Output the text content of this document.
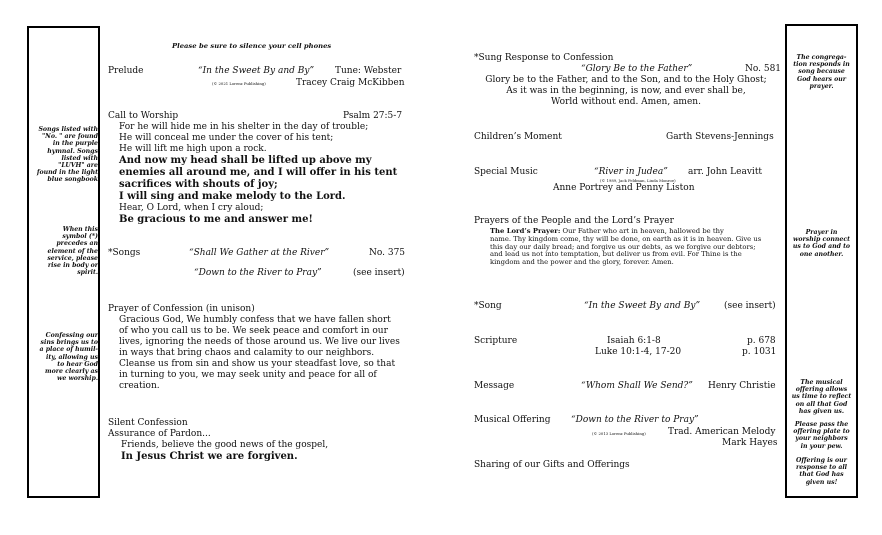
Songs listed with
"No. " are found
in the purple
hymnal. Songs
listed with
"LUVH" are
found in the light
blue songbook
When this
symbol (*)
precedes an
element of the
service, please
rise in body or
spirit.
Confessing our
sins brings us to
a place of humil-
ity, allowing us
to hear God
more clearly as
we worship.
The congrega-
tion responds in
song because
God hears our
prayer.
Prayer in
worship connect
us to God and to
one another.
The musical
offering allows
us time to reflect
on all that God
has given us.
Please pass the
offering plate to
your neighbors
in your pew.
Offering is our
response to all
that God has
given us!
Please be sure to silence your cell phones
Prelude	“In the Sweet By and By” Tune: Webster
(© 2021 Lorenz Publishing)	Tracey Craig McKibben
Call to Worship	Psalm 27:5-7
For he will hide me in his shelter in the day of trouble;
He will conceal me under the cover of his tent;
He will lift me high upon a rock.
And now my head shall be lifted up above my
enemies all around me, and I will offer in his tent
sacrifices with shouts of joy;
I will sing and make melody to the Lord.
Hear, O Lord, when I cry aloud;
Be gracious to me and answer me!
*Songs	“Shall We Gather at the River”	No. 375
“Down to the River to Pray”	(see insert)
Prayer of Confession (in unison)
Gracious God, We humbly confess that we have fallen short
of who you call us to be. We seek peace and comfort in our
lives, ignoring the needs of those around us. We live our lives
in ways that bring chaos and calamity to our neighbors.
Cleanse us from sin and show us your steadfast love, so that
in turning to you, we may seek unity and peace for all of
creation.
Silent Confession
Assurance of Pardon...
Friends, believe the good news of the gospel,
In Jesus Christ we are forgiven.
*Sung Response to Confession
“Glory Be to the Father”	No. 581
Glory be to the Father, and to the Son, and to the Holy Ghost;
As it was in the beginning, is now, and ever shall be,
World without end. Amen, amen.
Children’s Moment	Garth Stevens-Jennings
Special Music	“River in Judea” arr. John Leavitt
(© 1989, Jack Feldman, Linda Monroe)
Anne Portrey and Penny Liston
Prayers of the People and the Lord’s Prayer
The Lord’s Prayer: Our Father who art in heaven, hallowed be thy
name. Thy kingdom come, thy will be done, on earth as it is in heaven. Give us
this day our daily bread; and forgive us our debts, as we forgive our debtors;
and lead us not into temptation, but deliver us from evil. For Thine is the
kingdom and the power and the glory, forever. Amen.
*Song	“In the Sweet By and By”	(see insert)
Scripture	Isaiah 6:1-8	p. 678
Luke 10:1-4, 17-20	p. 1031
Message	“Whom Shall We Send?” Henry Christie
Musical Offering “Down to the River to Pray”
(© 2013 Lorenz Publishing) Trad. American Melody
Mark Hayes
Sharing of our Gifts and Offerings
